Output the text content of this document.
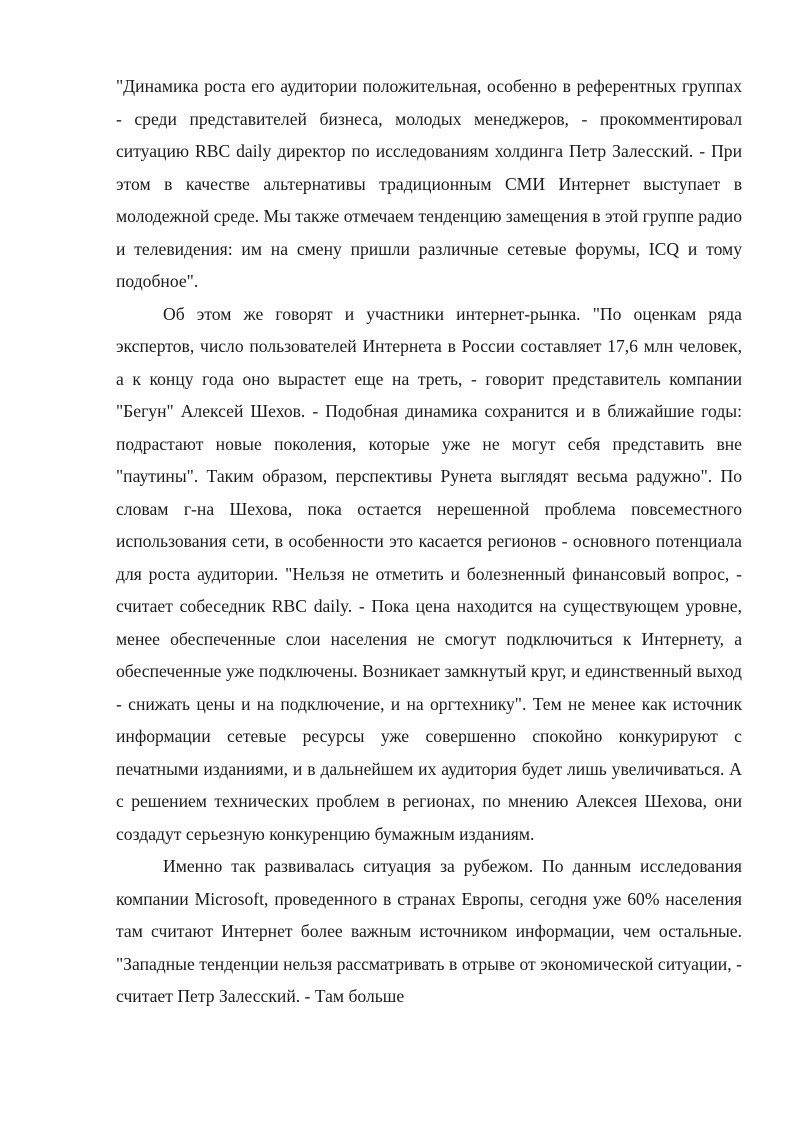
"Динамика роста его аудитории положительная, особенно в референтных группах - среди представителей бизнеса, молодых менеджеров, - прокомментировал ситуацию RBC daily директор по исследованиям холдинга Петр Залесский. - При этом в качестве альтернативы традиционным СМИ Интернет выступает в молодежной среде. Мы также отмечаем тенденцию замещения в этой группе радио и телевидения: им на смену пришли различные сетевые форумы, ICQ и тому подобное".

Об этом же говорят и участники интернет-рынка. "По оценкам ряда экспертов, число пользователей Интернета в России составляет 17,6 млн человек, а к концу года оно вырастет еще на треть, - говорит представитель компании "Бегун" Алексей Шехов. - Подобная динамика сохранится и в ближайшие годы: подрастают новые поколения, которые уже не могут себя представить вне "паутины". Таким образом, перспективы Рунета выглядят весьма радужно". По словам г-на Шехова, пока остается нерешенной проблема повсеместного использования сети, в особенности это касается регионов - основного потенциала для роста аудитории. "Нельзя не отметить и болезненный финансовый вопрос, - считает собеседник RBC daily. - Пока цена находится на существующем уровне, менее обеспеченные слои населения не смогут подключиться к Интернету, а обеспеченные уже подключены. Возникает замкнутый круг, и единственный выход - снижать цены и на подключение, и на оргтехнику". Тем не менее как источник информации сетевые ресурсы уже совершенно спокойно конкурируют с печатными изданиями, и в дальнейшем их аудитория будет лишь увеличиваться. А с решением технических проблем в регионах, по мнению Алексея Шехова, они создадут серьезную конкуренцию бумажным изданиям.

Именно так развивалась ситуация за рубежом. По данным исследования компании Microsoft, проведенного в странах Европы, сегодня уже 60% населения там считают Интернет более важным источником информации, чем остальные. "Западные тенденции нельзя рассматривать в отрыве от экономической ситуации, - считает Петр Залесский. - Там больше
